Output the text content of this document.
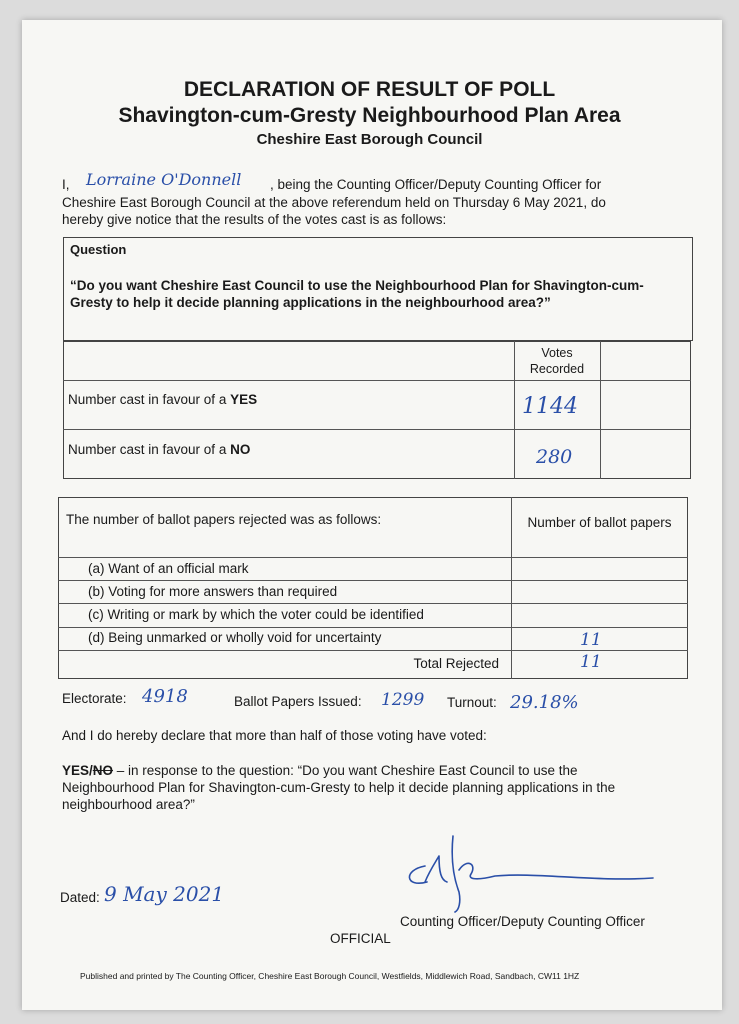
DECLARATION OF RESULT OF POLL
Shavington-cum-Gresty Neighbourhood Plan Area
Cheshire East Borough Council
I, Lorraine O'Donnell , being the Counting Officer/Deputy Counting Officer for
Cheshire East Borough Council at the above referendum held on Thursday 6 May 2021, do
hereby give notice that the results of the votes cast is as follows:
Question
“Do you want Cheshire East Council to use the Neighbourhood Plan for Shavington-cum-
Gresty to help it decide planning applications in the neighbourhood area?”
Votes
Recorded
Number cast in favour of a YES	1144
Number cast in favour of a NO	280
The number of ballot papers rejected was as follows:	Number of ballot papers
(a) Want of an official mark
(b) Voting for more answers than required
(c) Writing or mark by which the voter could be identified
(d) Being unmarked or wholly void for uncertainty	11
Total Rejected	11
Electorate: 4918	Ballot Papers Issued: 1299 Turnout: 29.18%
And I do hereby declare that more than half of those voting have voted:
YES/NO – in response to the question: “Do you want Cheshire East Council to use the
Neighbourhood Plan for Shavington-cum-Gresty to help it decide planning applications in the
neighbourhood area?”
Dated: 9 May 2021
Counting Officer/Deputy Counting Officer
OFFICIAL
Published and printed by The Counting Officer, Cheshire East Borough Council, Westfields, Middlewich Road, Sandbach, CW11 1HZ
